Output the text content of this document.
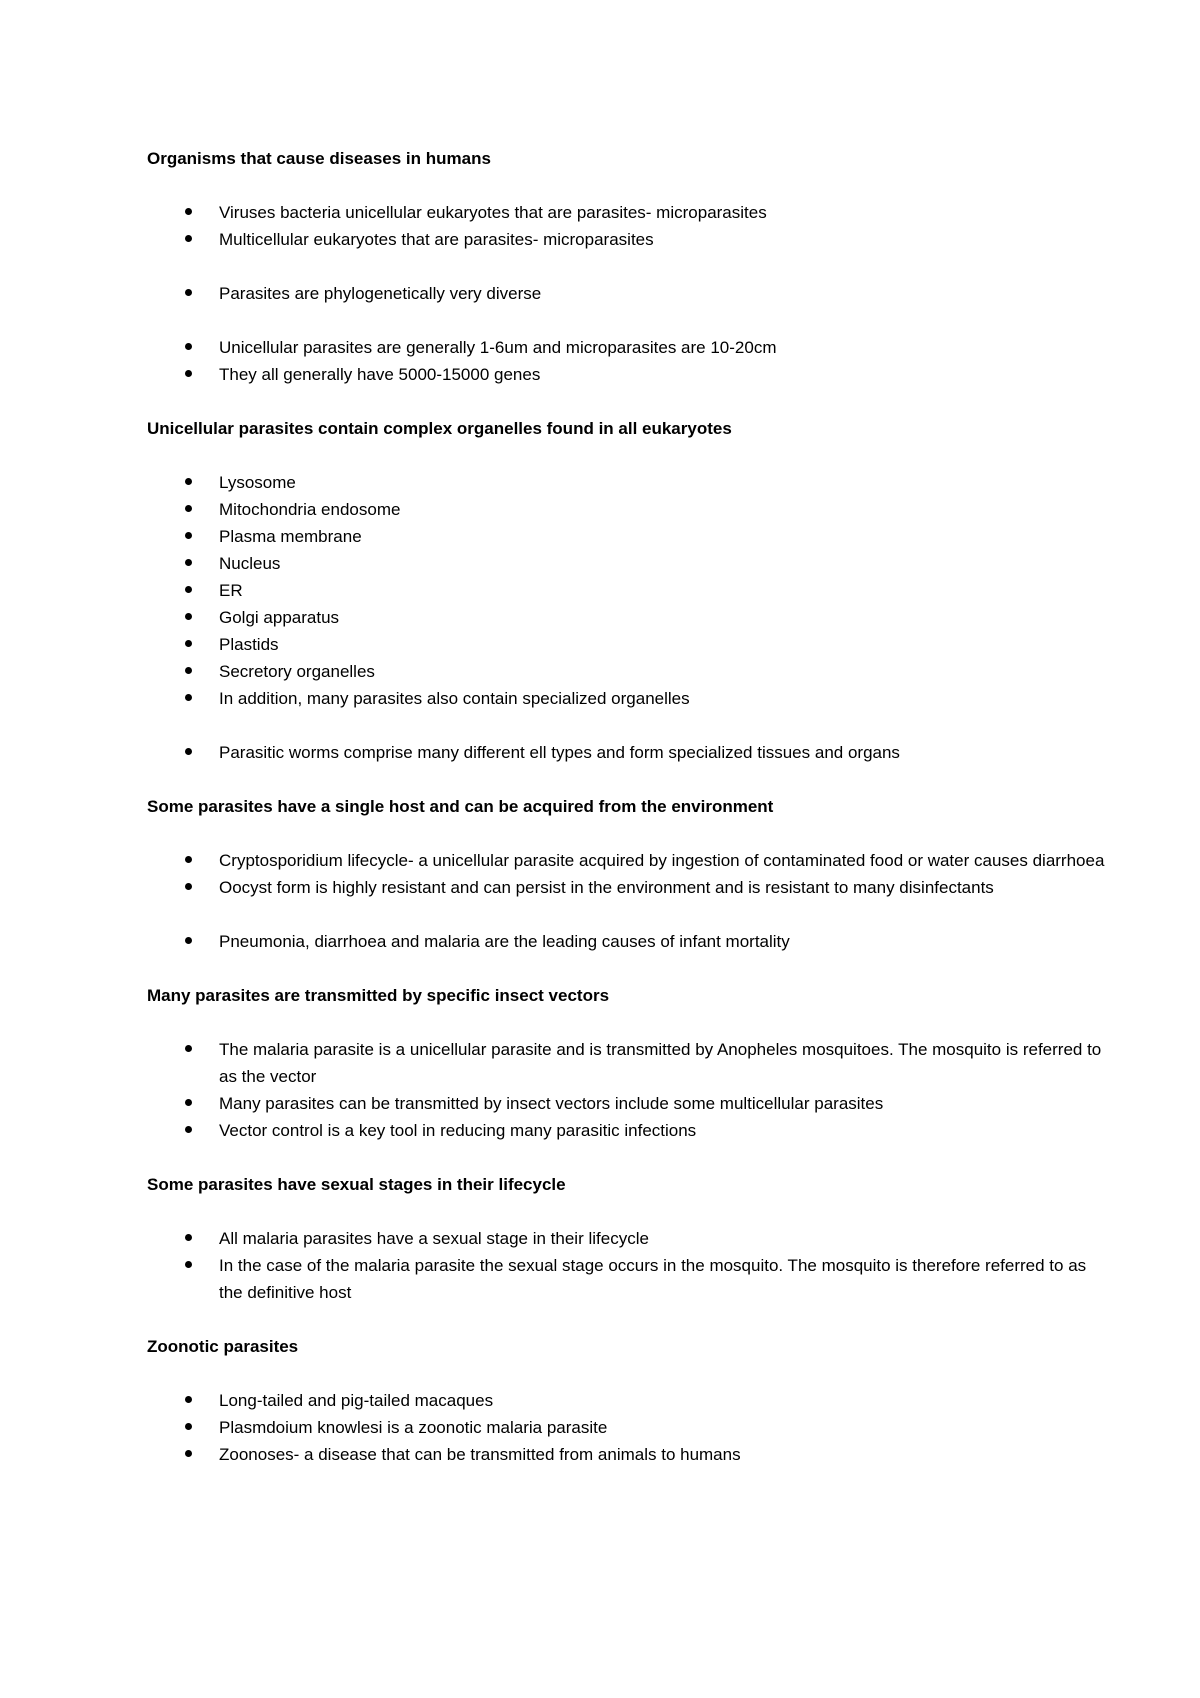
Organisms that cause diseases in humans
Viruses bacteria unicellular eukaryotes that are parasites- microparasites
Multicellular eukaryotes that are parasites- microparasites
Parasites are phylogenetically very diverse
Unicellular parasites are generally 1-6um and microparasites are 10-20cm
They all generally have 5000-15000 genes
Unicellular parasites contain complex organelles found in all eukaryotes
Lysosome
Mitochondria endosome
Plasma membrane
Nucleus
ER
Golgi apparatus
Plastids
Secretory organelles
In addition, many parasites also contain specialized organelles
Parasitic worms comprise many different ell types and form specialized tissues and organs
Some parasites have a single host and can be acquired from the environment
Cryptosporidium lifecycle- a unicellular parasite acquired by ingestion of contaminated food or water causes diarrhoea
Oocyst form is highly resistant and can persist in the environment and is resistant to many disinfectants
Pneumonia, diarrhoea and malaria are the leading causes of infant mortality
Many parasites are transmitted by specific insect vectors
The malaria parasite is a unicellular parasite and is transmitted by Anopheles mosquitoes. The mosquito is referred to as the vector
Many parasites can be transmitted by insect vectors include some multicellular parasites
Vector control is a key tool in reducing many parasitic infections
Some parasites have sexual stages in their lifecycle
All malaria parasites have a sexual stage in their lifecycle
In the case of the malaria parasite the sexual stage occurs in the mosquito. The mosquito is therefore referred to as the definitive host
Zoonotic parasites
Long-tailed and pig-tailed macaques
Plasmdoium knowlesi is a zoonotic malaria parasite
Zoonoses- a disease that can be transmitted from animals to humans
